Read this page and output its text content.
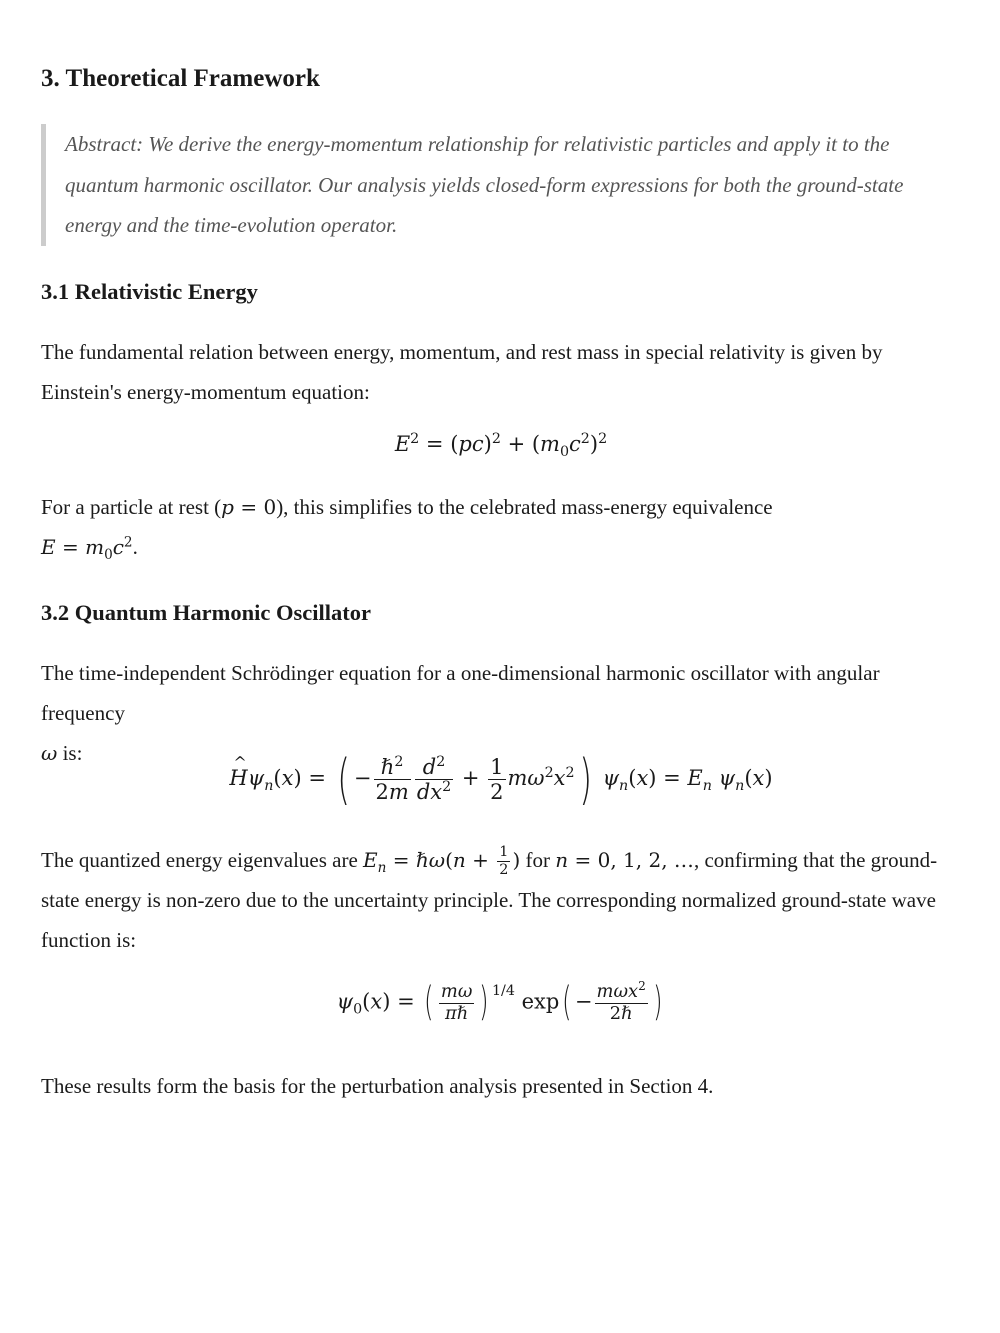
3. Theoretical Framework
Abstract: We derive the energy-momentum relationship for relativistic particles and apply it to the quantum harmonic oscillator. Our analysis yields closed-form expressions for both the ground-state energy and the time-evolution operator.
3.1 Relativistic Energy

The fundamental relation between energy, momentum, and rest mass in special relativity is given by Einstein's energy-momentum equation:

$E^2 = (pc)^2 + (m_0c^2)^2$

For a particle at rest (p = 0), this simplifies to the celebrated mass-energy equivalence
$E = m_0c^2$.

3.2 Quantum Harmonic Oscillator

The time-independent Schrödinger equation for a one-dimensional harmonic oscillator with angular frequency
ω is:

^ $H\psi_n(x)$ = ( − $\frac{\hbar^2}{2m} \frac{d^2}{dx^2} + \frac{1}{2} m\omega^2x^2$) $\psi_n(x) = E_n$ $\psi_n(x)$

The quantized energy eigenvalues are $E_n$ = ℏω(n + $\frac{1}{2}$ ) for n = 0, 1, 2, …, confirming that the ground-state energy is non-zero due to the uncertainty principle. The corresponding normalized ground-state wave function is:

$\psi_0(x)$ = ( $\frac{m\omega}{\text{πℏ}}$ ) $^{1/4}$ $\exp( - \frac{m\omega x^2}{\text{2ℏ}}$ )

These results form the basis for the perturbation analysis presented in Section 4.
